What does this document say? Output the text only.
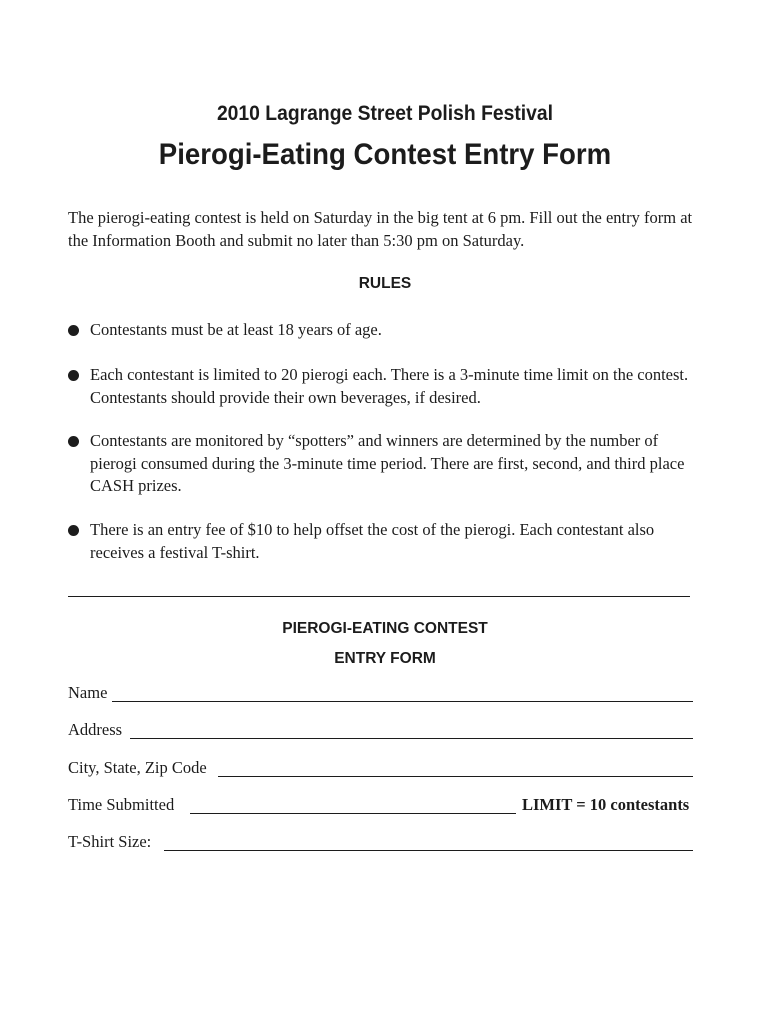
2010 Lagrange Street Polish Festival
Pierogi-Eating Contest Entry Form
The pierogi-eating contest is held on Saturday in the big tent at 6 pm. Fill out the entry form at the Information Booth and submit no later than 5:30 pm on Saturday.
RULES
Contestants must be at least 18 years of age.
Each contestant is limited to 20 pierogi each. There is a 3-minute time limit on the contest. Contestants should provide their own beverages, if desired.
Contestants are monitored by “spotters” and winners are determined by the number of pierogi consumed during the 3-minute time period. There are first, second, and third place CASH prizes.
There is an entry fee of $10 to help offset the cost of the pierogi. Each contestant also receives a festival T-shirt.
PIEROGI-EATING CONTEST
ENTRY FORM
Name
Address
City, State, Zip Code
Time Submitted	LIMIT = 10 contestants
T-Shirt Size:
